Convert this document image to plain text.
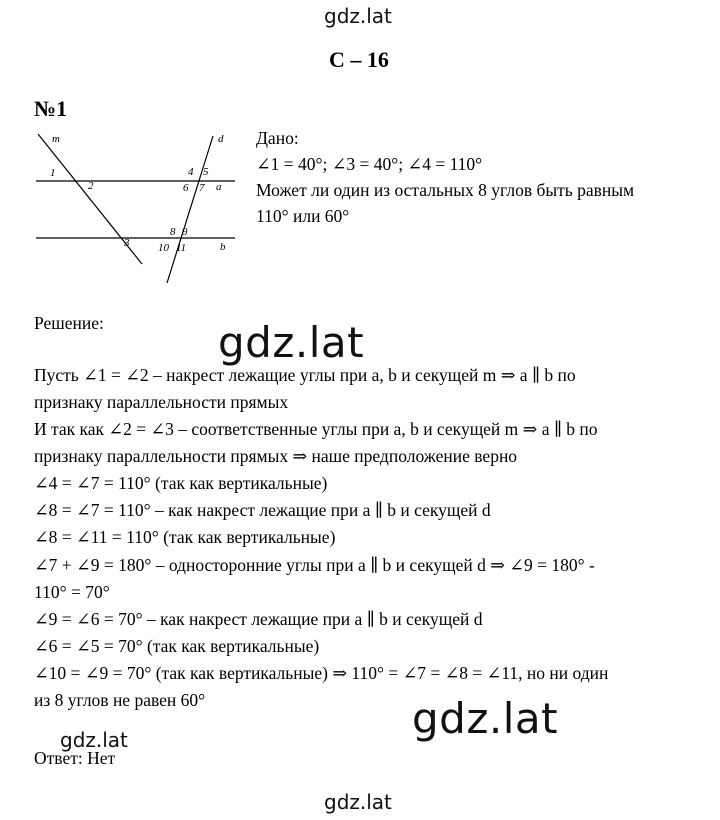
gdz.lat
gdz.lat
gdz.lat
gdz.lat
gdz.lat
С – 16
№1
m	d
a
b
1
2
3
4 5
6 7
8 9
10 11
Дано:
∠1 = 40°; ∠3 = 40°; ∠4 = 110°
Может ли один из остальных 8 углов быть равным
110° или 60°
Решение:
Пусть ∠1 = ∠2 – накрест лежащие углы при a, b и секущей m ⇒ a ∥ b по
признаку параллельности прямых
И так как ∠2 = ∠3 – соответственные углы при a, b и секущей m ⇒ a ∥ b по
признаку параллельности прямых ⇒ наше предположение верно
∠4 = ∠7 = 110° (так как вертикальные)
∠8 = ∠7 = 110° – как накрест лежащие при a ∥ b и секущей d
∠8 = ∠11 = 110° (так как вертикальные)
∠7 + ∠9 = 180° – односторонние углы при a ∥ b и секущей d ⇒ ∠9 = 180° -
110° = 70°
∠9 = ∠6 = 70° – как накрест лежащие при a ∥ b и секущей d
∠6 = ∠5 = 70° (так как вертикальные)
∠10 = ∠9 = 70° (так как вертикальные) ⇒ 110° = ∠7 = ∠8 = ∠11, но ни один
из 8 углов не равен 60°
Ответ: Нет
